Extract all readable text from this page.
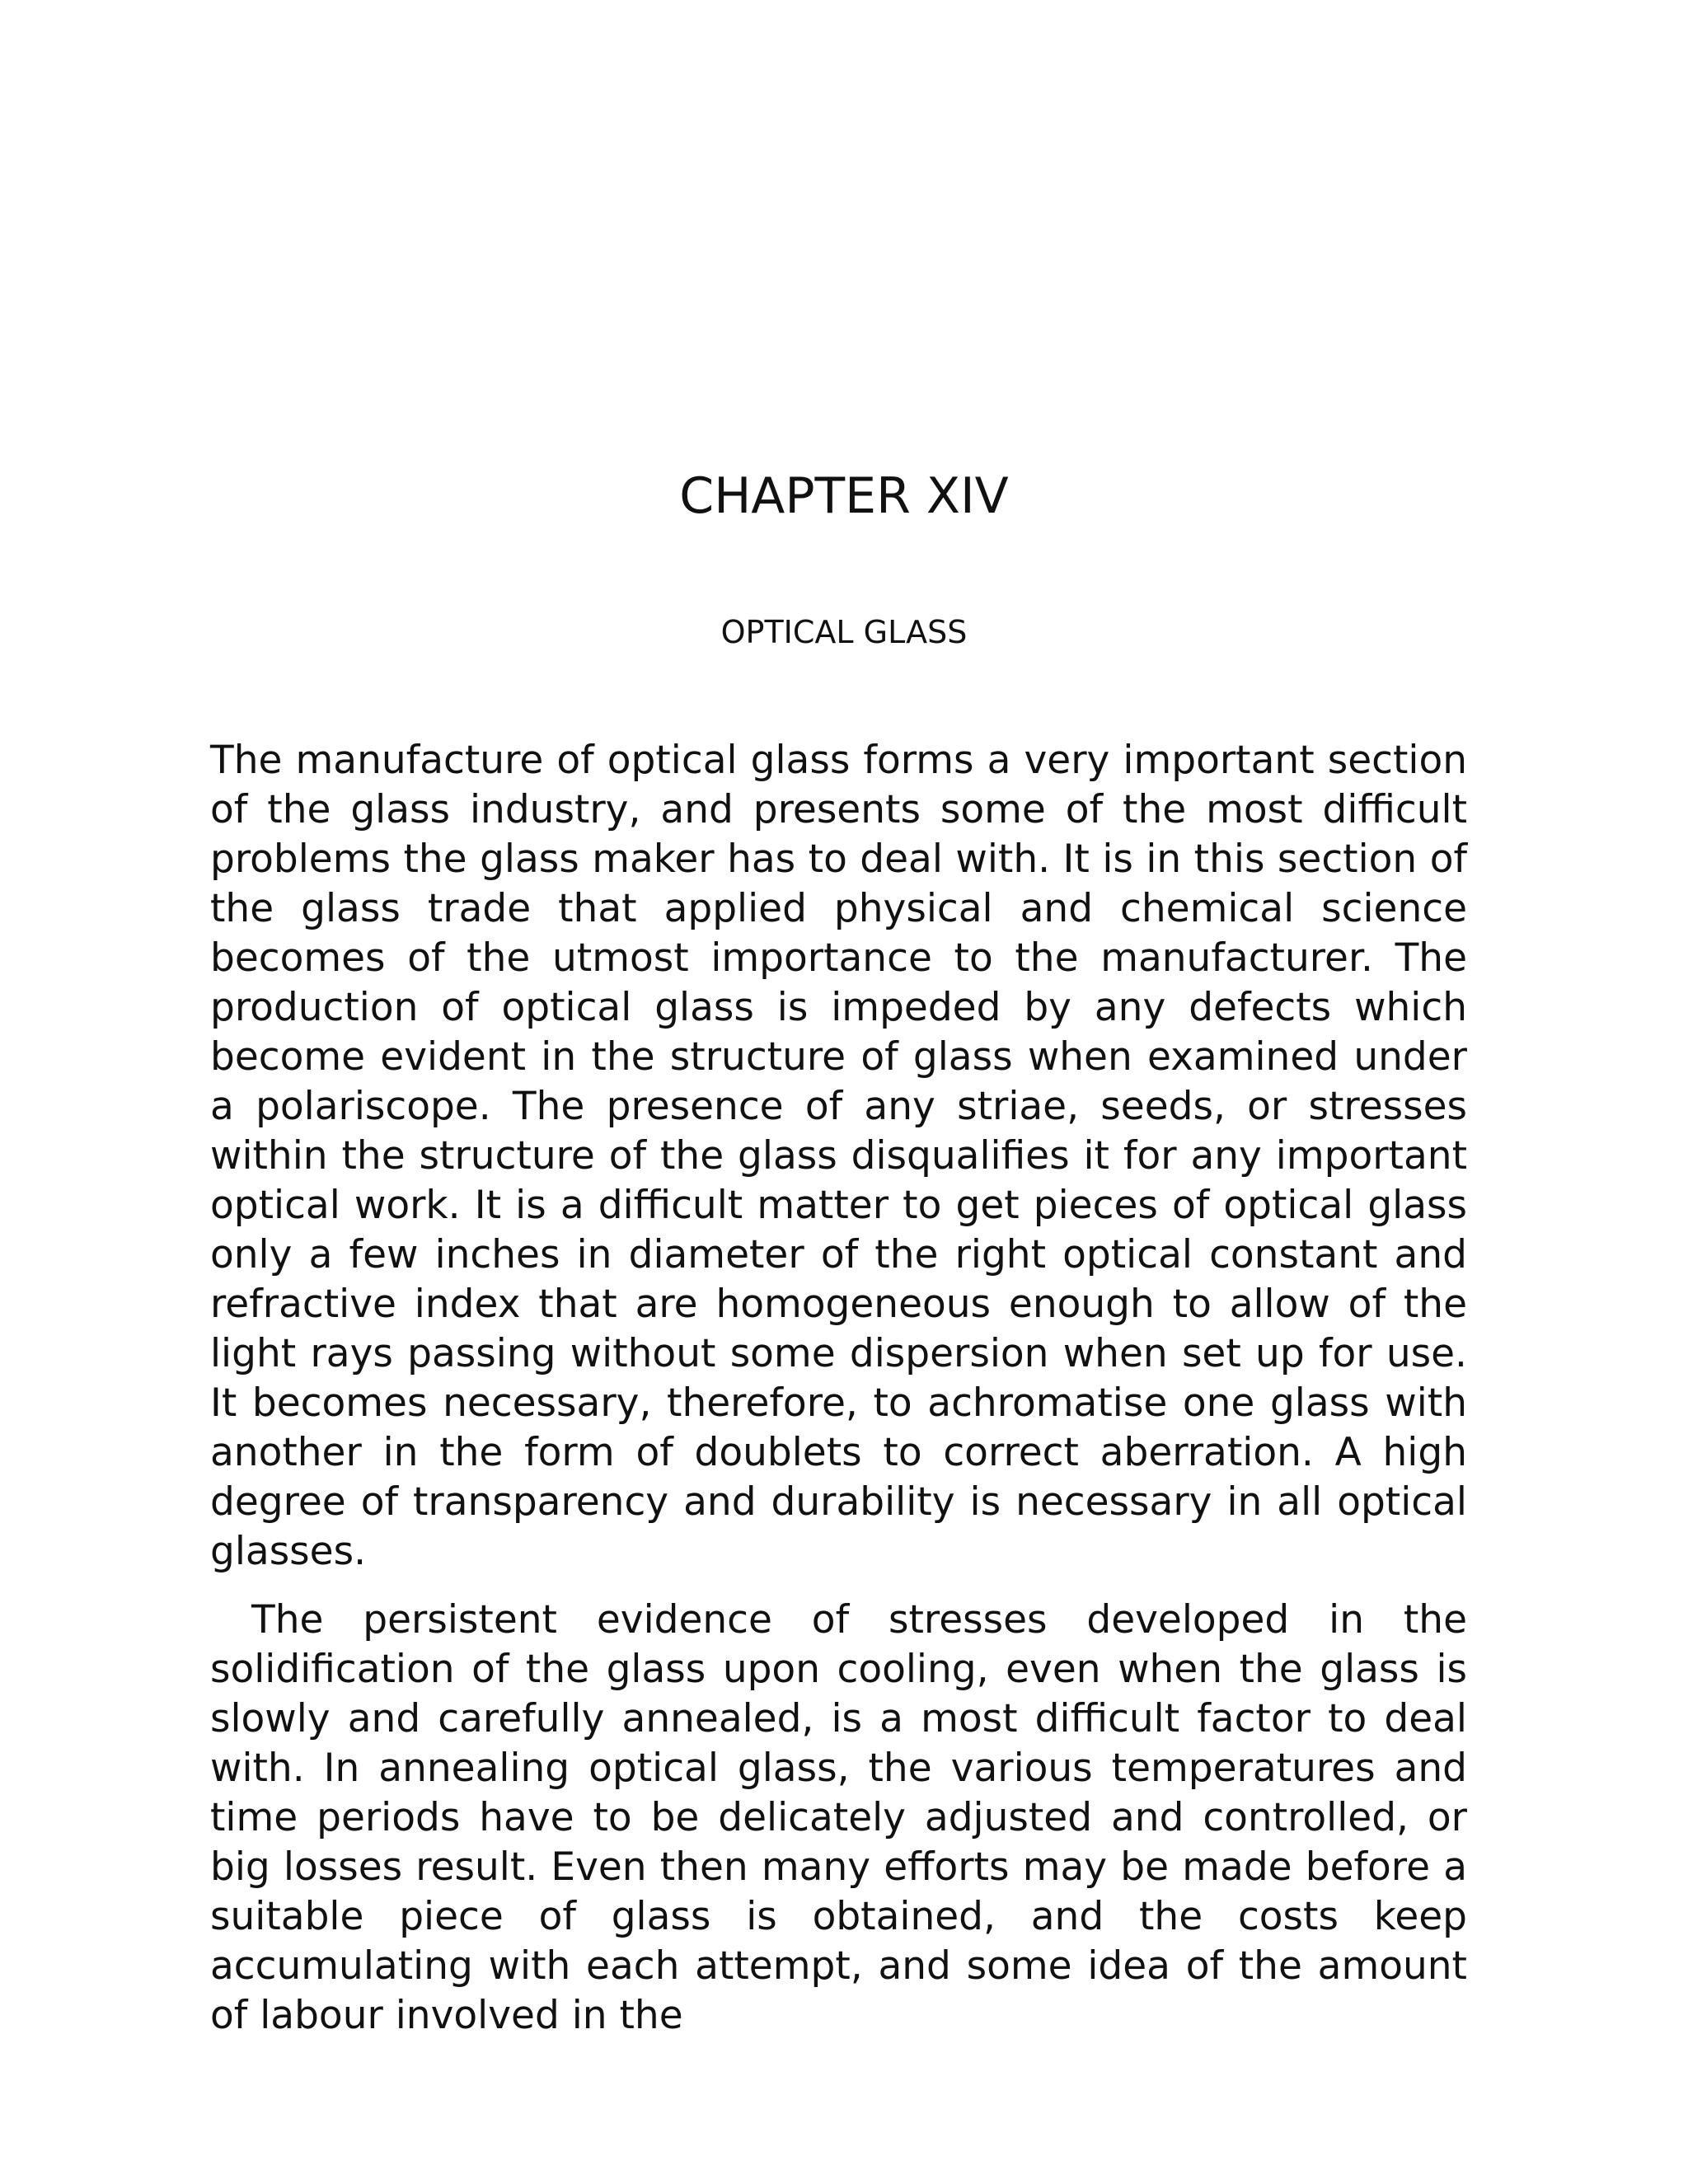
CHAPTER XIV
OPTICAL GLASS

The manufacture of optical glass forms a very important section of the glass industry, and presents some of the most difficult problems the glass maker has to deal with. It is in this section of the glass trade that applied physical and chemical science becomes of the utmost importance to the manufacturer. The production of optical glass is impeded by any defects which become evident in the structure of glass when examined under a polariscope. The presence of any striae, seeds, or stresses within the structure of the glass disqualifies it for any important optical work. It is a difficult matter to get pieces of optical glass only a few inches in diameter of the right optical constant and refractive index that are homogeneous enough to allow of the light rays passing without some dispersion when set up for use. It becomes necessary, therefore, to achromatise one glass with another in the form of doublets to correct aberration. A high degree of transparency and durability is necessary in all optical glasses.

The persistent evidence of stresses developed in the solidification of the glass upon cooling, even when the glass is slowly and carefully annealed, is a most difficult factor to deal with. In annealing optical glass, the various temperatures and time periods have to be delicately adjusted and controlled, or big losses result. Even then many efforts may be made before a suitable piece of glass is obtained, and the costs keep accumulating with each attempt, and some idea of the amount of labour involved in the
